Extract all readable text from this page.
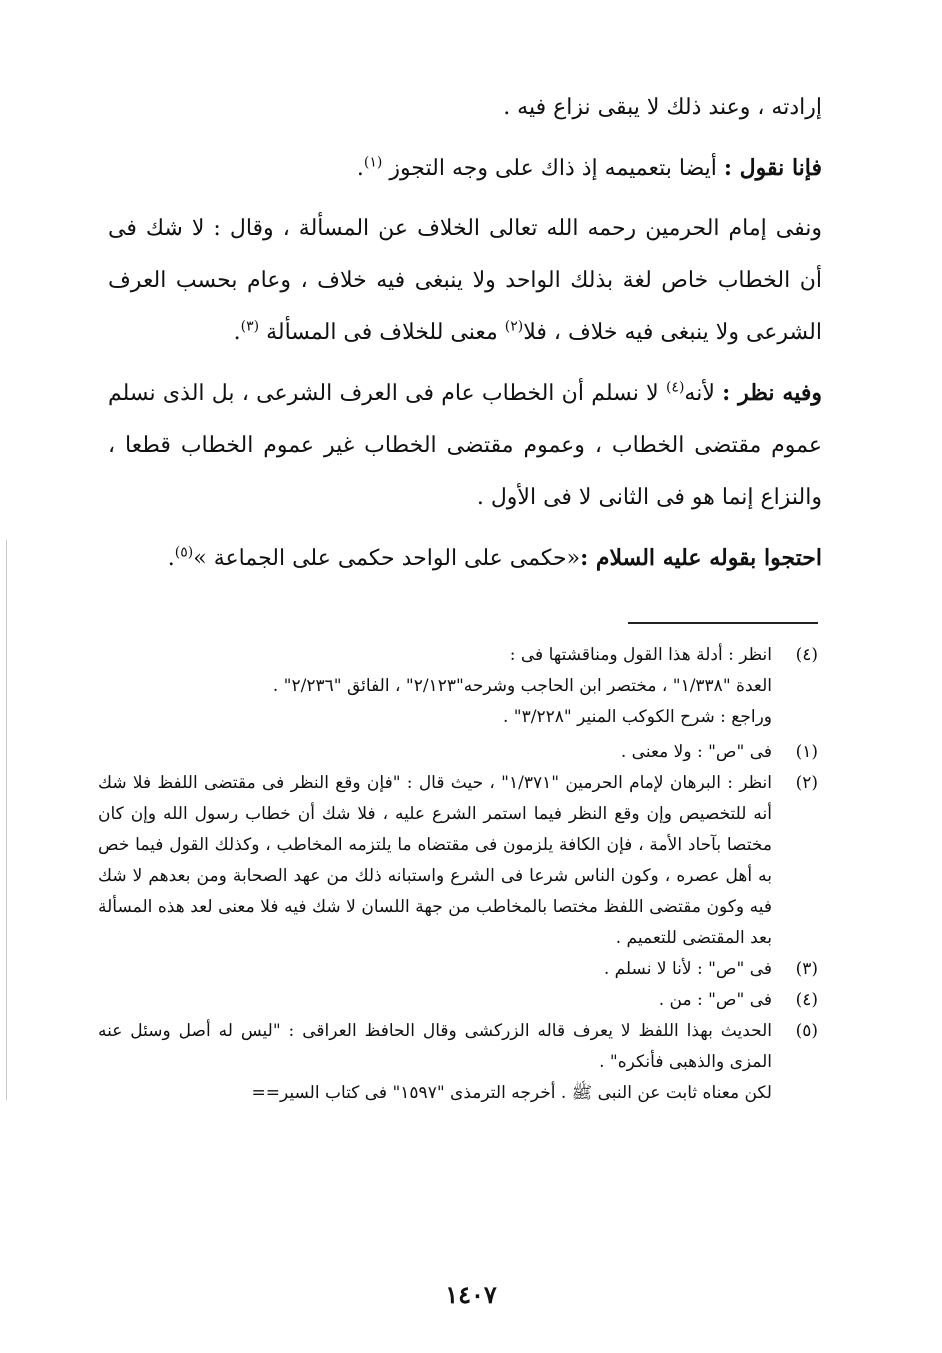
إرادته ، وعند ذلك لا يبقى نزاع فيه .

فإنا نقول : أيضا بتعميمه إذ ذاك على وجه التجوز $^{(١)}$.

ونفى إمام الحرمين رحمه الله تعالى الخلاف عن المسألة ، وقال : لا شك فى أن الخطاب خاص لغة بذلك الواحد ولا ينبغى فيه خلاف ، وعام بحسب العرف الشرعى ولا ينبغى فيه خلاف ، فلا$^{(٢)}$ معنى للخلاف فى المسألة $^{(٣)}$.

وفيه نظر : لأنه$^{(٤)}$ لا نسلم أن الخطاب عام فى العرف الشرعى ، بل الذى نسلم عموم مقتضى الخطاب ، وعموم مقتضى الخطاب غير عموم الخطاب قطعا ، والنزاع إنما هو فى الثانى لا فى الأول .

احتجوا بقوله عليه السلام :«حكمى على الواحد حكمى على الجماعة »$^{(٥)}$.

(٤)
انظر : أدلة هذا القول ومناقشتها فى :
العدة "١/٣٣٨" ، مختصر ابن الحاجب وشرحه"٢/١٢٣" ، الفائق "٢/٢٣٦" .
وراجع : شرح الكوكب المنير "٣/٢٢٨" .
(١)
فى "ص" : ولا معنى .
(٢)
انظر : البرهان لإمام الحرمين "١/٣٧١" ، حيث قال : "فإن وقع النظر فى مقتضى اللفظ فلا شك أنه للتخصيص وإن وقع النظر فيما استمر الشرع عليه ، فلا شك أن خطاب رسول الله وإن كان مختصا بآحاد الأمة ، فإن الكافة يلزمون فى مقتضاه ما يلتزمه المخاطب ، وكذلك القول فيما خص به أهل عصره ، وكون الناس شرعا فى الشرع واستبانه ذلك من عهد الصحابة ومن بعدهم لا شك فيه وكون مقتضى اللفظ مختصا بالمخاطب من جهة اللسان لا شك فيه فلا معنى لعد هذه المسألة بعد المقتضى للتعميم .
(٣)
فى "ص" : لأنا لا نسلم .
(٤)
فى "ص" : من .
(٥)
الحديث بهذا اللفظ لا يعرف قاله الزركشى وقال الحافظ العراقى : "ليس له أصل وسئل عنه المزى والذهبى فأنكره" .
لكن معناه ثابت عن النبى ﷺ . أخرجه الترمذى "١٥٩٧" فى كتاب السير==
١٤٠٧
